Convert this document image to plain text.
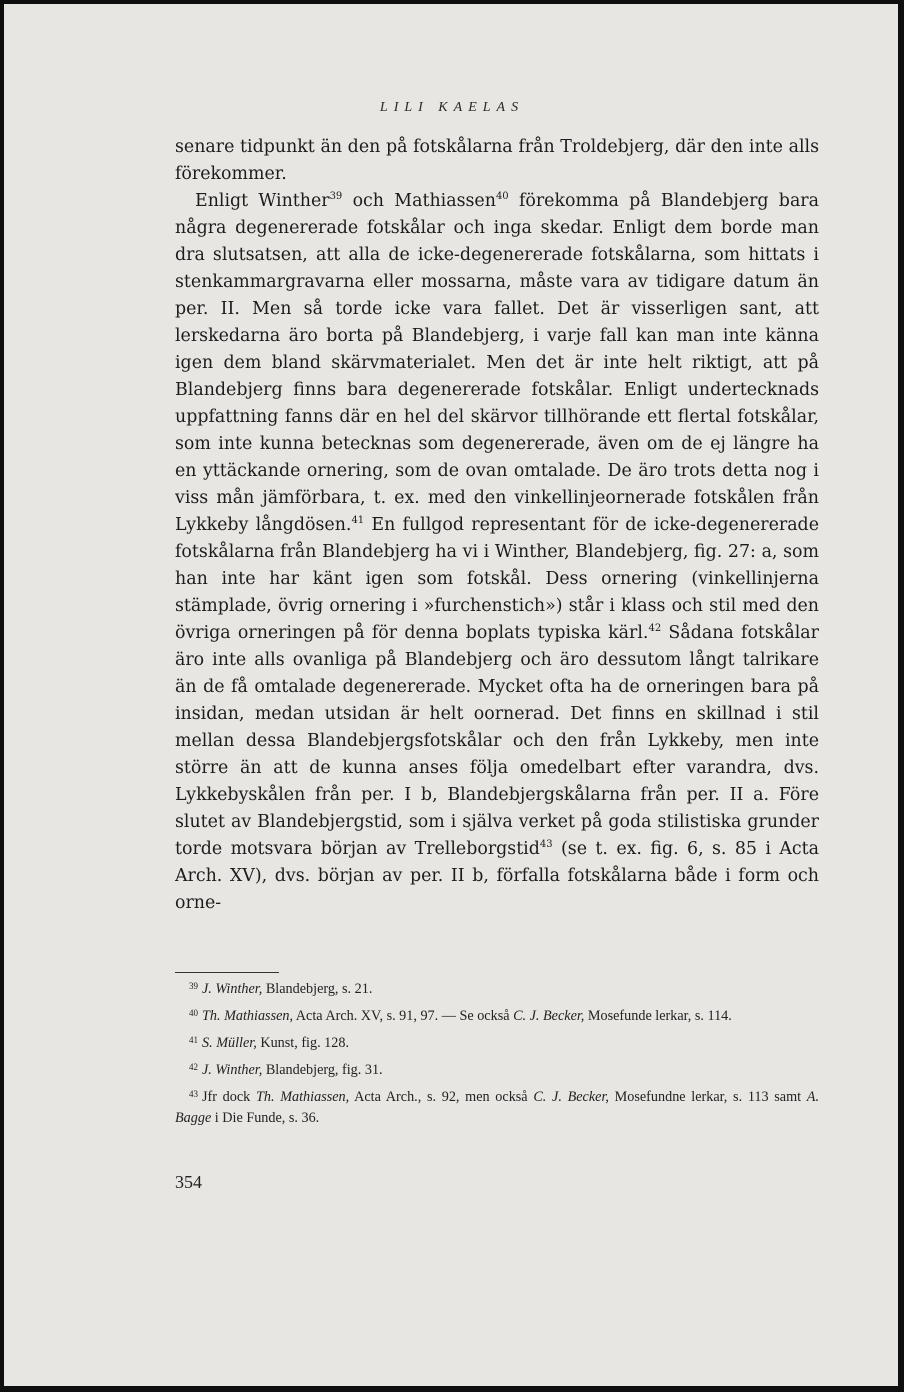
LILI KAELAS

senare tidpunkt än den på fotskålarna från Troldebjerg, där den inte alls förekommer.

Enligt Winther$^{39}$ och Mathiassen$^{40}$ förekomma på Blandebjerg bara några degenererade fotskålar och inga skedar. Enligt dem borde man dra slutsatsen, att alla de icke-degenererade fotskålarna, som hittats i stenkammargravarna eller mossarna, måste vara av tidigare datum än per. II. Men så torde icke vara fallet. Det är visserligen sant, att lerskedarna äro borta på Blandebjerg, i varje fall kan man inte känna igen dem bland skärvmaterialet. Men det är inte helt riktigt, att på Blandebjerg finns bara degenererade fotskålar. Enligt undertecknads uppfattning fanns där en hel del skärvor tillhörande ett flertal fotskålar, som inte kunna betecknas som degenererade, även om de ej längre ha en yttäckande ornering, som de ovan omtalade. De äro trots detta nog i viss mån jämförbara, t. ex. med den vinkellinjeornerade fotskålen från Lykkeby långdösen.$^{41}$ En fullgod representant för de icke-degenererade fotskålarna från Blandebjerg ha vi i Winther, Blandebjerg, fig. 27: a, som han inte har känt igen som fotskål. Dess ornering (vinkellinjerna stämplade, övrig ornering i »furchenstich») står i klass och stil med den övriga orneringen på för denna boplats typiska kärl.$^{42}$ Sådana fotskålar äro inte alls ovanliga på Blandebjerg och äro dessutom långt talrikare än de få omtalade degenererade. Mycket ofta ha de orneringen bara på insidan, medan utsidan är helt oornerad. Det finns en skillnad i stil mellan dessa Blandebjergsfotskålar och den från Lykkeby, men inte större än att de kunna anses följa omedelbart efter varandra, dvs. Lykkebyskålen från per. I b, Blandebjergskålarna från per. II a. Före slutet av Blandebjergstid, som i själva verket på goda stilistiska grunder torde motsvara början av Trelleborgstid$^{43}$ (se t. ex. fig. 6, s. 85 i Acta Arch. XV), dvs. början av per. II b, förfalla fotskålarna både i form och orne-

$^{39}$ J. Winther, Blandebjerg, s. 21.
$^{40}$ Th. Mathiassen, Acta Arch. XV, s. 91, 97. — Se också C. J. Becker, Mosefunde lerkar, s. 114.
$^{41}$ S. Müller, Kunst, fig. 128.
$^{42}$ J. Winther, Blandebjerg, fig. 31.
$^{43}$ Jfr dock Th. Mathiassen, Acta Arch., s. 92, men också C. J. Becker, Mosefundne lerkar, s. 113 samt A. Bagge i Die Funde, s. 36.
354
